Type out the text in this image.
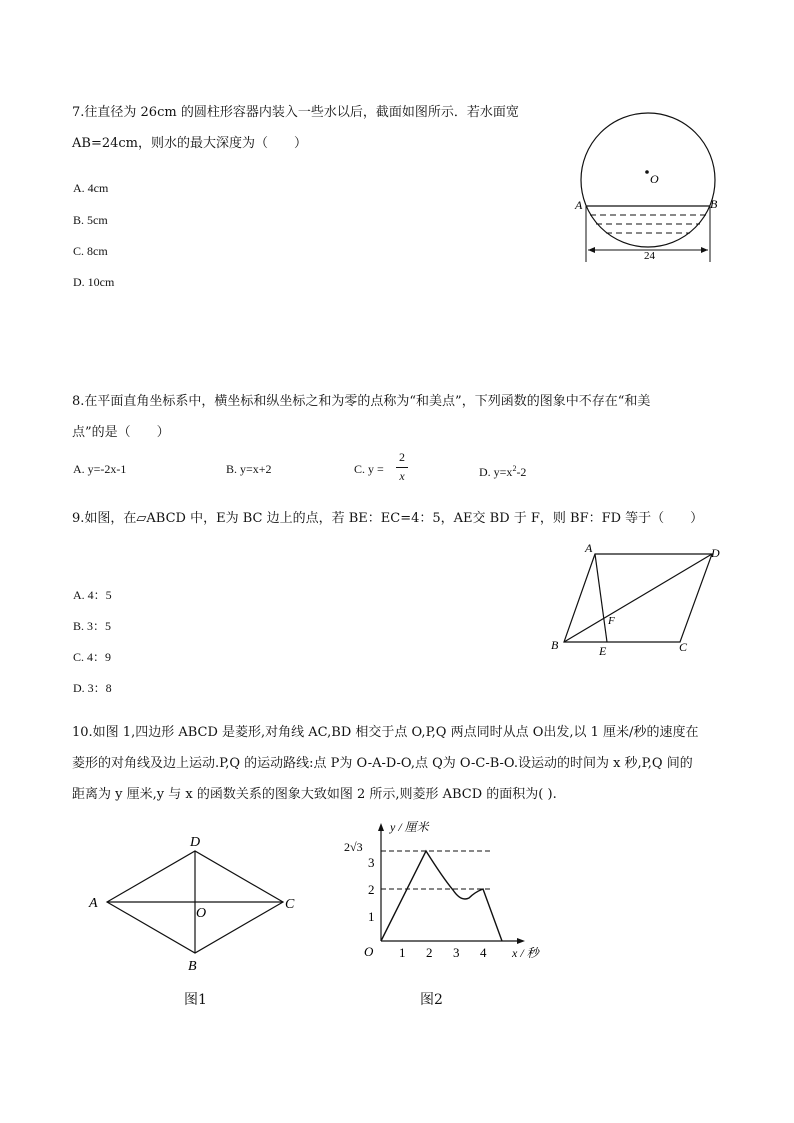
7.往直径为 26cm 的圆柱形容器内装入一些水以后，截面如图所示．若水面宽
AB=24cm，则水的最大深度为（　　）
A. 4cm
B. 5cm
C. 8cm
D. 10cm
O
A	B
24
8.在平面直角坐标系中，横坐标和纵坐标之和为零的点称为“和美点”，下列函数的图象中不存在“和美
点”的是（　　）
A. y=-2x-1	B. y=x+2	C. y =
2
x	D. $y=x^2-2$
9.如图，在▱ABCD 中，E为 BC 边上的点，若 BE：EC=4：5，AE交 BD 于 F，则 BF：FD 等于（　　）
A. 4：5
B. 3：5
C. 4：9
D. 3：8
A	D
B	E	C
F
10.如图 1,四边形 ABCD 是菱形,对角线 AC,BD 相交于点 O,P,Q 两点同时从点 O出发,以 1 厘米/秒的速度在
菱形的对角线及边上运动.P,Q 的运动路线:点 P为 O-A-D-O,点 Q为 O-C-B-O.设运动的时间为 x 秒,P,Q 间的
距离为 y 厘米,y 与 x 的函数关系的图象大致如图 2 所示,则菱形 ABCD 的面积为( ).
D
A	C
O
B
图1
2√3
3
2
1
O 1 2 3 4
y / 厘米
x / 秒
图2
